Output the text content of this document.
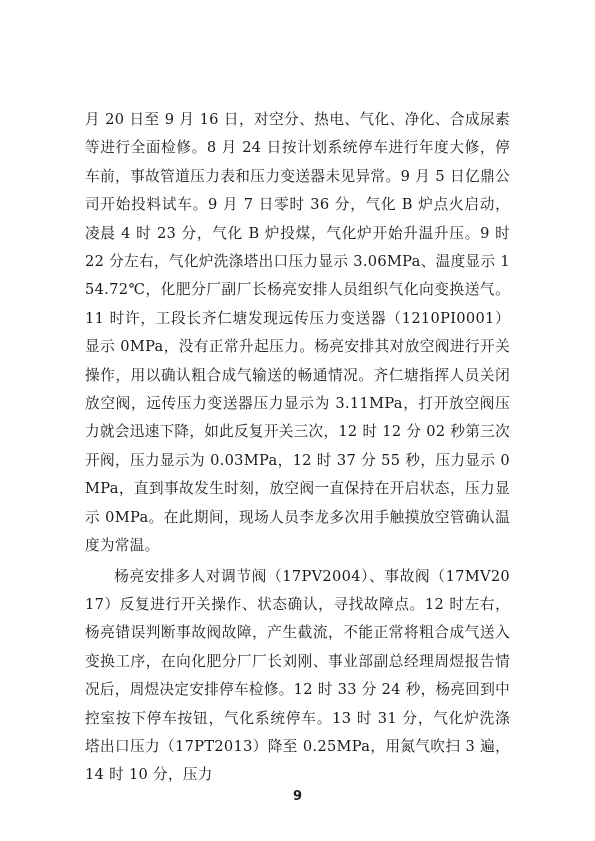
月 20 日至 9 月 16 日，对空分、热电、气化、净化、合成尿素等进行全面检修。8 月 24 日按计划系统停车进行年度大修，停车前，事故管道压力表和压力变送器未见异常。9 月 5 日亿鼎公司开始投料试车。9 月 7 日零时 36 分，气化 B 炉点火启动，凌晨 4 时 23 分，气化 B 炉投煤，气化炉开始升温升压。9 时 22 分左右，气化炉洗涤塔出口压力显示 3.06MPa、温度显示 154.72℃，化肥分厂副厂长杨亮安排人员组织气化向变换送气。11 时许，工段长齐仁塘发现远传压力变送器（1210PI0001）显示 0MPa，没有正常升起压力。杨亮安排其对放空阀进行开关操作，用以确认粗合成气输送的畅通情况。齐仁塘指挥人员关闭放空阀，远传压力变送器压力显示为 3.11MPa，打开放空阀压力就会迅速下降，如此反复开关三次，12 时 12 分 02 秒第三次开阀，压力显示为 0.03MPa，12 时 37 分 55 秒，压力显示 0MPa，直到事故发生时刻，放空阀一直保持在开启状态，压力显示 0MPa。在此期间，现场人员李龙多次用手触摸放空管确认温度为常温。

杨亮安排多人对调节阀（17PV2004）、事故阀（17MV2017）反复进行开关操作、状态确认，寻找故障点。12 时左右，杨亮错误判断事故阀故障，产生截流，不能正常将粗合成气送入变换工序，在向化肥分厂厂长刘刚、事业部副总经理周煜报告情况后，周煜决定安排停车检修。12 时 33 分 24 秒，杨亮回到中控室按下停车按钮，气化系统停车。13 时 31 分，气化炉洗涤塔出口压力（17PT2013）降至 0.25MPa，用氮气吹扫 3 遍，14 时 10 分，压力

9
